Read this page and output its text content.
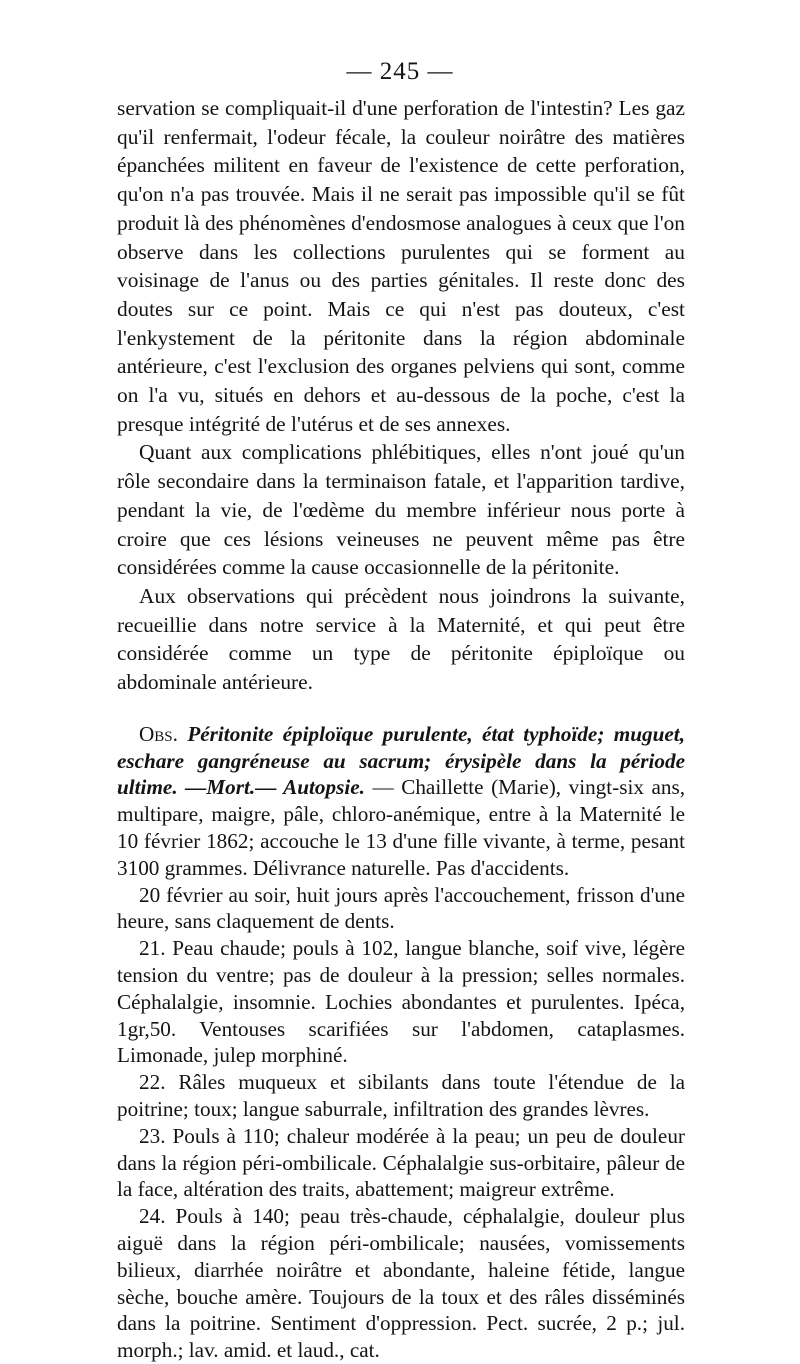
— 245 —

servation se compliquait-il d'une perforation de l'intestin? Les gaz qu'il renfermait, l'odeur fécale, la couleur noirâtre des matières épanchées militent en faveur de l'existence de cette perforation, qu'on n'a pas trouvée. Mais il ne serait pas impossible qu'il se fût produit là des phénomènes d'endosmose analogues à ceux que l'on observe dans les collections purulentes qui se forment au voisinage de l'anus ou des parties génitales. Il reste donc des doutes sur ce point. Mais ce qui n'est pas douteux, c'est l'enkystement de la péritonite dans la région abdominale antérieure, c'est l'exclusion des organes pelviens qui sont, comme on l'a vu, situés en dehors et au-dessous de la poche, c'est la presque intégrité de l'utérus et de ses annexes.

Quant aux complications phlébitiques, elles n'ont joué qu'un rôle secondaire dans la terminaison fatale, et l'apparition tardive, pendant la vie, de l'œdème du membre inférieur nous porte à croire que ces lésions veineuses ne peuvent même pas être considérées comme la cause occasionnelle de la péritonite.

Aux observations qui précèdent nous joindrons la suivante, recueillie dans notre service à la Maternité, et qui peut être considérée comme un type de péritonite épiploïque ou abdominale antérieure.

Obs. Péritonite épiploïque purulente, état typhoïde; muguet, eschare gangréneuse au sacrum; érysipèle dans la période ultime. —Mort.— Autopsie. — Chaillette (Marie), vingt-six ans, multipare, maigre, pâle, chloro-anémique, entre à la Maternité le 10 février 1862; accouche le 13 d'une fille vivante, à terme, pesant 3100 grammes. Délivrance naturelle. Pas d'accidents.

20 février au soir, huit jours après l'accouchement, frisson d'une heure, sans claquement de dents.

21. Peau chaude; pouls à 102, langue blanche, soif vive, légère tension du ventre; pas de douleur à la pression; selles normales. Céphalalgie, insomnie. Lochies abondantes et purulentes. Ipéca, 1gr,50. Ventouses scarifiées sur l'abdomen, cataplasmes. Limonade, julep morphiné.

22. Râles muqueux et sibilants dans toute l'étendue de la poitrine; toux; langue saburrale, infiltration des grandes lèvres.

23. Pouls à 110; chaleur modérée à la peau; un peu de douleur dans la région péri-ombilicale. Céphalalgie sus-orbitaire, pâleur de la face, altération des traits, abattement; maigreur extrême.

24. Pouls à 140; peau très-chaude, céphalalgie, douleur plus aiguë dans la région péri-ombilicale; nausées, vomissements bilieux, diarrhée noirâtre et abondante, haleine fétide, langue sèche, bouche amère. Toujours de la toux et des râles disséminés dans la poitrine. Sentiment d'oppression. Pect. sucrée, 2 p.; jul. morph.; lav. amid. et laud., cat.
